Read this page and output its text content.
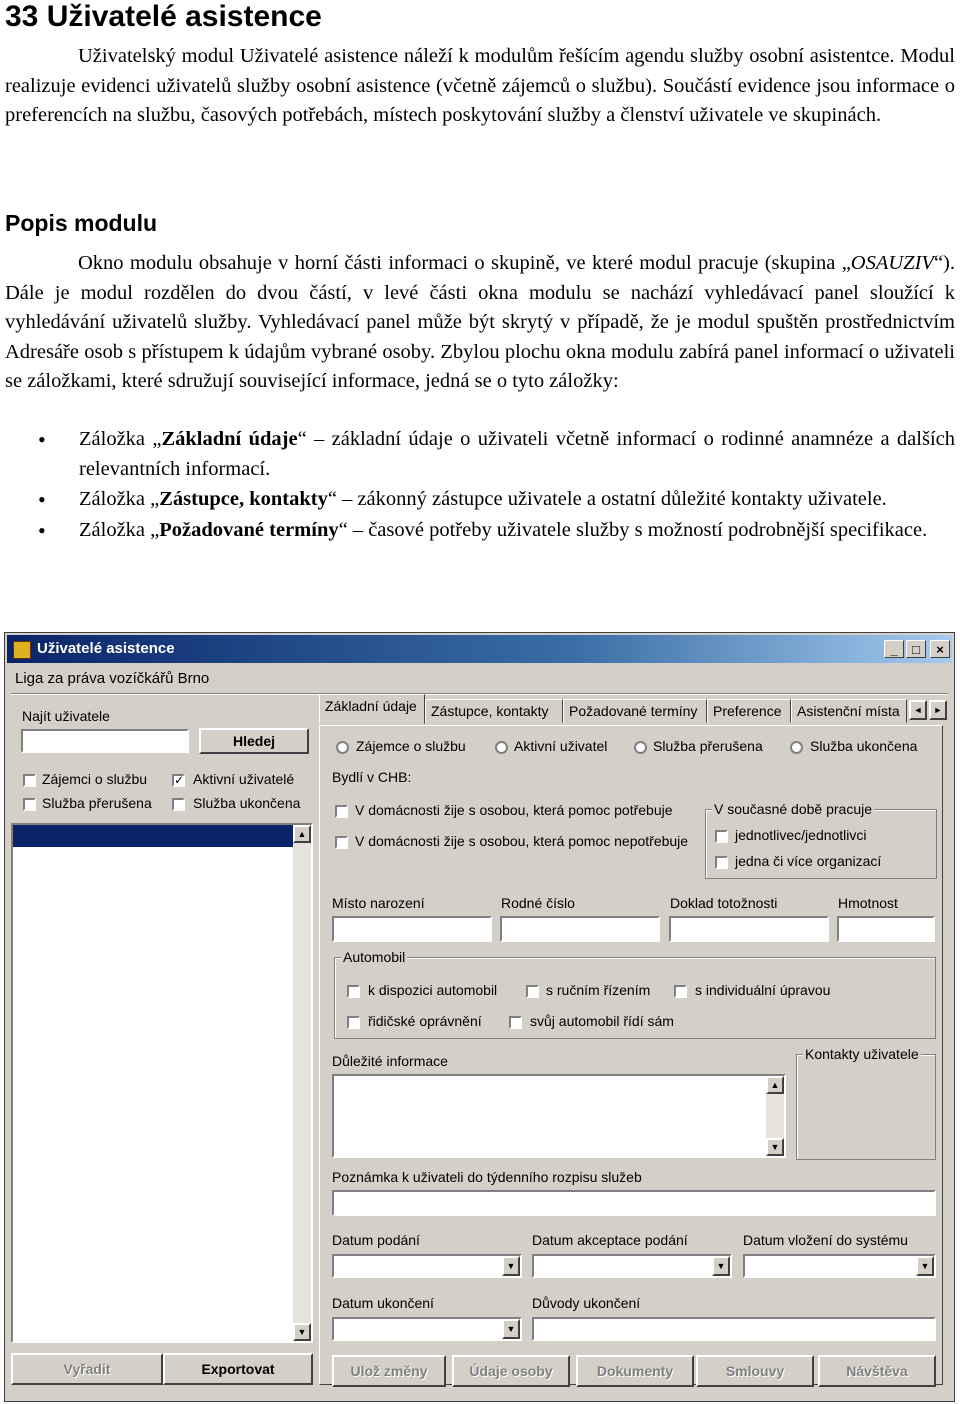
33 Uživatelé asistence
Uživatelský modul Uživatelé asistence náleží k modulům řešícím agendu služby osobní asistentce. Modul realizuje evidenci uživatelů služby osobní asistence (včetně zájemců o službu). Součástí evidence jsou informace o preferencích na službu, časových potřebách, místech poskytování služby a členství uživatele ve skupinách.
Popis modulu
Okno modulu obsahuje v horní části informaci o skupině, ve které modul pracuje (skupina „OSAUZIV“). Dále je modul rozdělen do dvou částí, v levé části okna modulu se nachází vyhledávací panel sloužící k vyhledávání uživatelů služby. Vyhledávací panel může být skrytý v případě, že je modul spuštěn prostřednictvím Adresáře osob s přístupem k údajům vybrané osoby. Zbylou plochu okna modulu zabírá panel informací o uživateli se záložkami, které sdružují související informace, jedná se o tyto záložky:
• Záložka „Základní údaje“ – základní údaje o uživateli včetně informací o rodinné anamnéze a dalších relevantních informací.
• Záložka „Zástupce, kontakty“ – zákonný zástupce uživatele a ostatní důležité kontakty uživatele.
• Záložka „Požadované termíny“ – časové potřeby uživatele služby s možností podrobnější specifikace.
Uživatelé asistence	_	□	×
Liga za práva vozíčkářů Brno
Najít uživatele
Hledej
Zájemci o službu ✓ Aktivní uživatelé
Služba přerušena	Služba ukončena
▲
▼
Vyřadit	Exportovat
Základní údaje	Zástupce, kontakty	Požadované termíny	Preference	Asistenční místa	◄	►
Zájemce o službu	Aktivní uživatel	Služba přerušena	Služba ukončena
Bydlí v CHB:
V domácnosti žije s osobou, která pomoc potřebuje
V domácnosti žije s osobou, která pomoc nepotřebuje
V současné době pracuje
jednotlivec/jednotlivci
jedna či více organizací
Místo narození	Rodné číslo	Doklad totožnosti	Hmotnost
Automobil
k dispozici automobil	s ručním řízením	s individuální úpravou
řidičské oprávnění	svůj automobil řídí sám
Důležité informace
▲
▼
Kontakty uživatele
Poznámka k uživateli do týdenního rozpisu služeb
Datum podání
▼
Datum akceptace podání
▼
Datum vložení do systému
▼
Datum ukončení
▼
Důvody ukončení
Ulož změny	Údaje osoby	Dokumenty	Smlouvy	Návštěva
